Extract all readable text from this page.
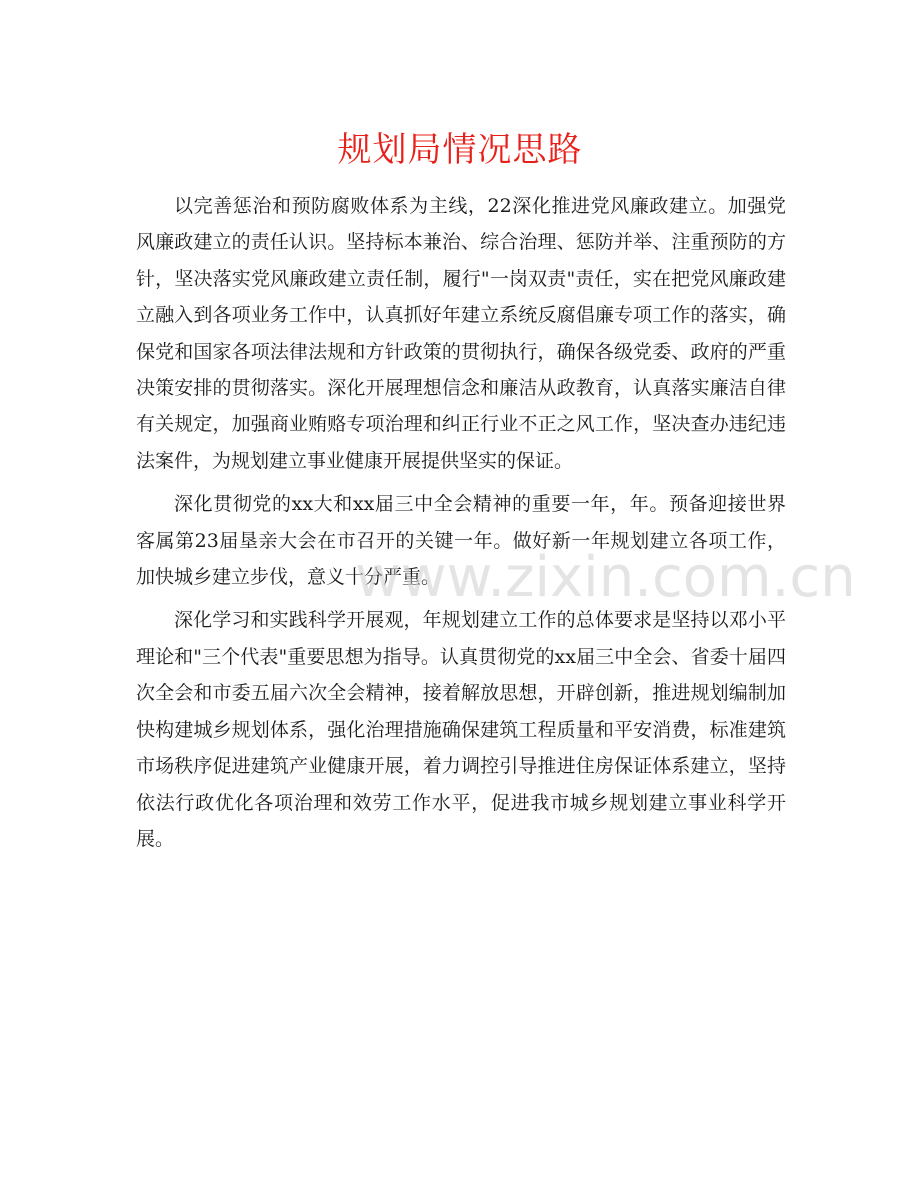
规划局情况思路

以完善惩治和预防腐败体系为主线，22深化推进党风廉政建立。加强党风廉政建立的责任认识。坚持标本兼治、综合治理、惩防并举、注重预防的方针，坚决落实党风廉政建立责任制，履行"一岗双责"责任，实在把党风廉政建立融入到各项业务工作中，认真抓好年建立系统反腐倡廉专项工作的落实，确保党和国家各项法律法规和方针政策的贯彻执行，确保各级党委、政府的严重决策安排的贯彻落实。深化开展理想信念和廉洁从政教育，认真落实廉洁自律有关规定，加强商业贿赂专项治理和纠正行业不正之风工作，坚决查办违纪违法案件，为规划建立事业健康开展提供坚实的保证。

深化贯彻党的xx大和xx届三中全会精神的重要一年，年。预备迎接世界客属第23届垦亲大会在市召开的关键一年。做好新一年规划建立各项工作，加快城乡建立步伐，意义十分严重。

深化学习和实践科学开展观，年规划建立工作的总体要求是坚持以邓小平理论和"三个代表"重要思想为指导。认真贯彻党的xx届三中全会、省委十届四次全会和市委五届六次全会精神，接着解放思想，开辟创新，推进规划编制加快构建城乡规划体系，强化治理措施确保建筑工程质量和平安消费，标准建筑市场秩序促进建筑产业健康开展，着力调控引导推进住房保证体系建立，坚持依法行政优化各项治理和效劳工作水平，促进我市城乡规划建立事业科学开展。

www.zixin.com.cn
